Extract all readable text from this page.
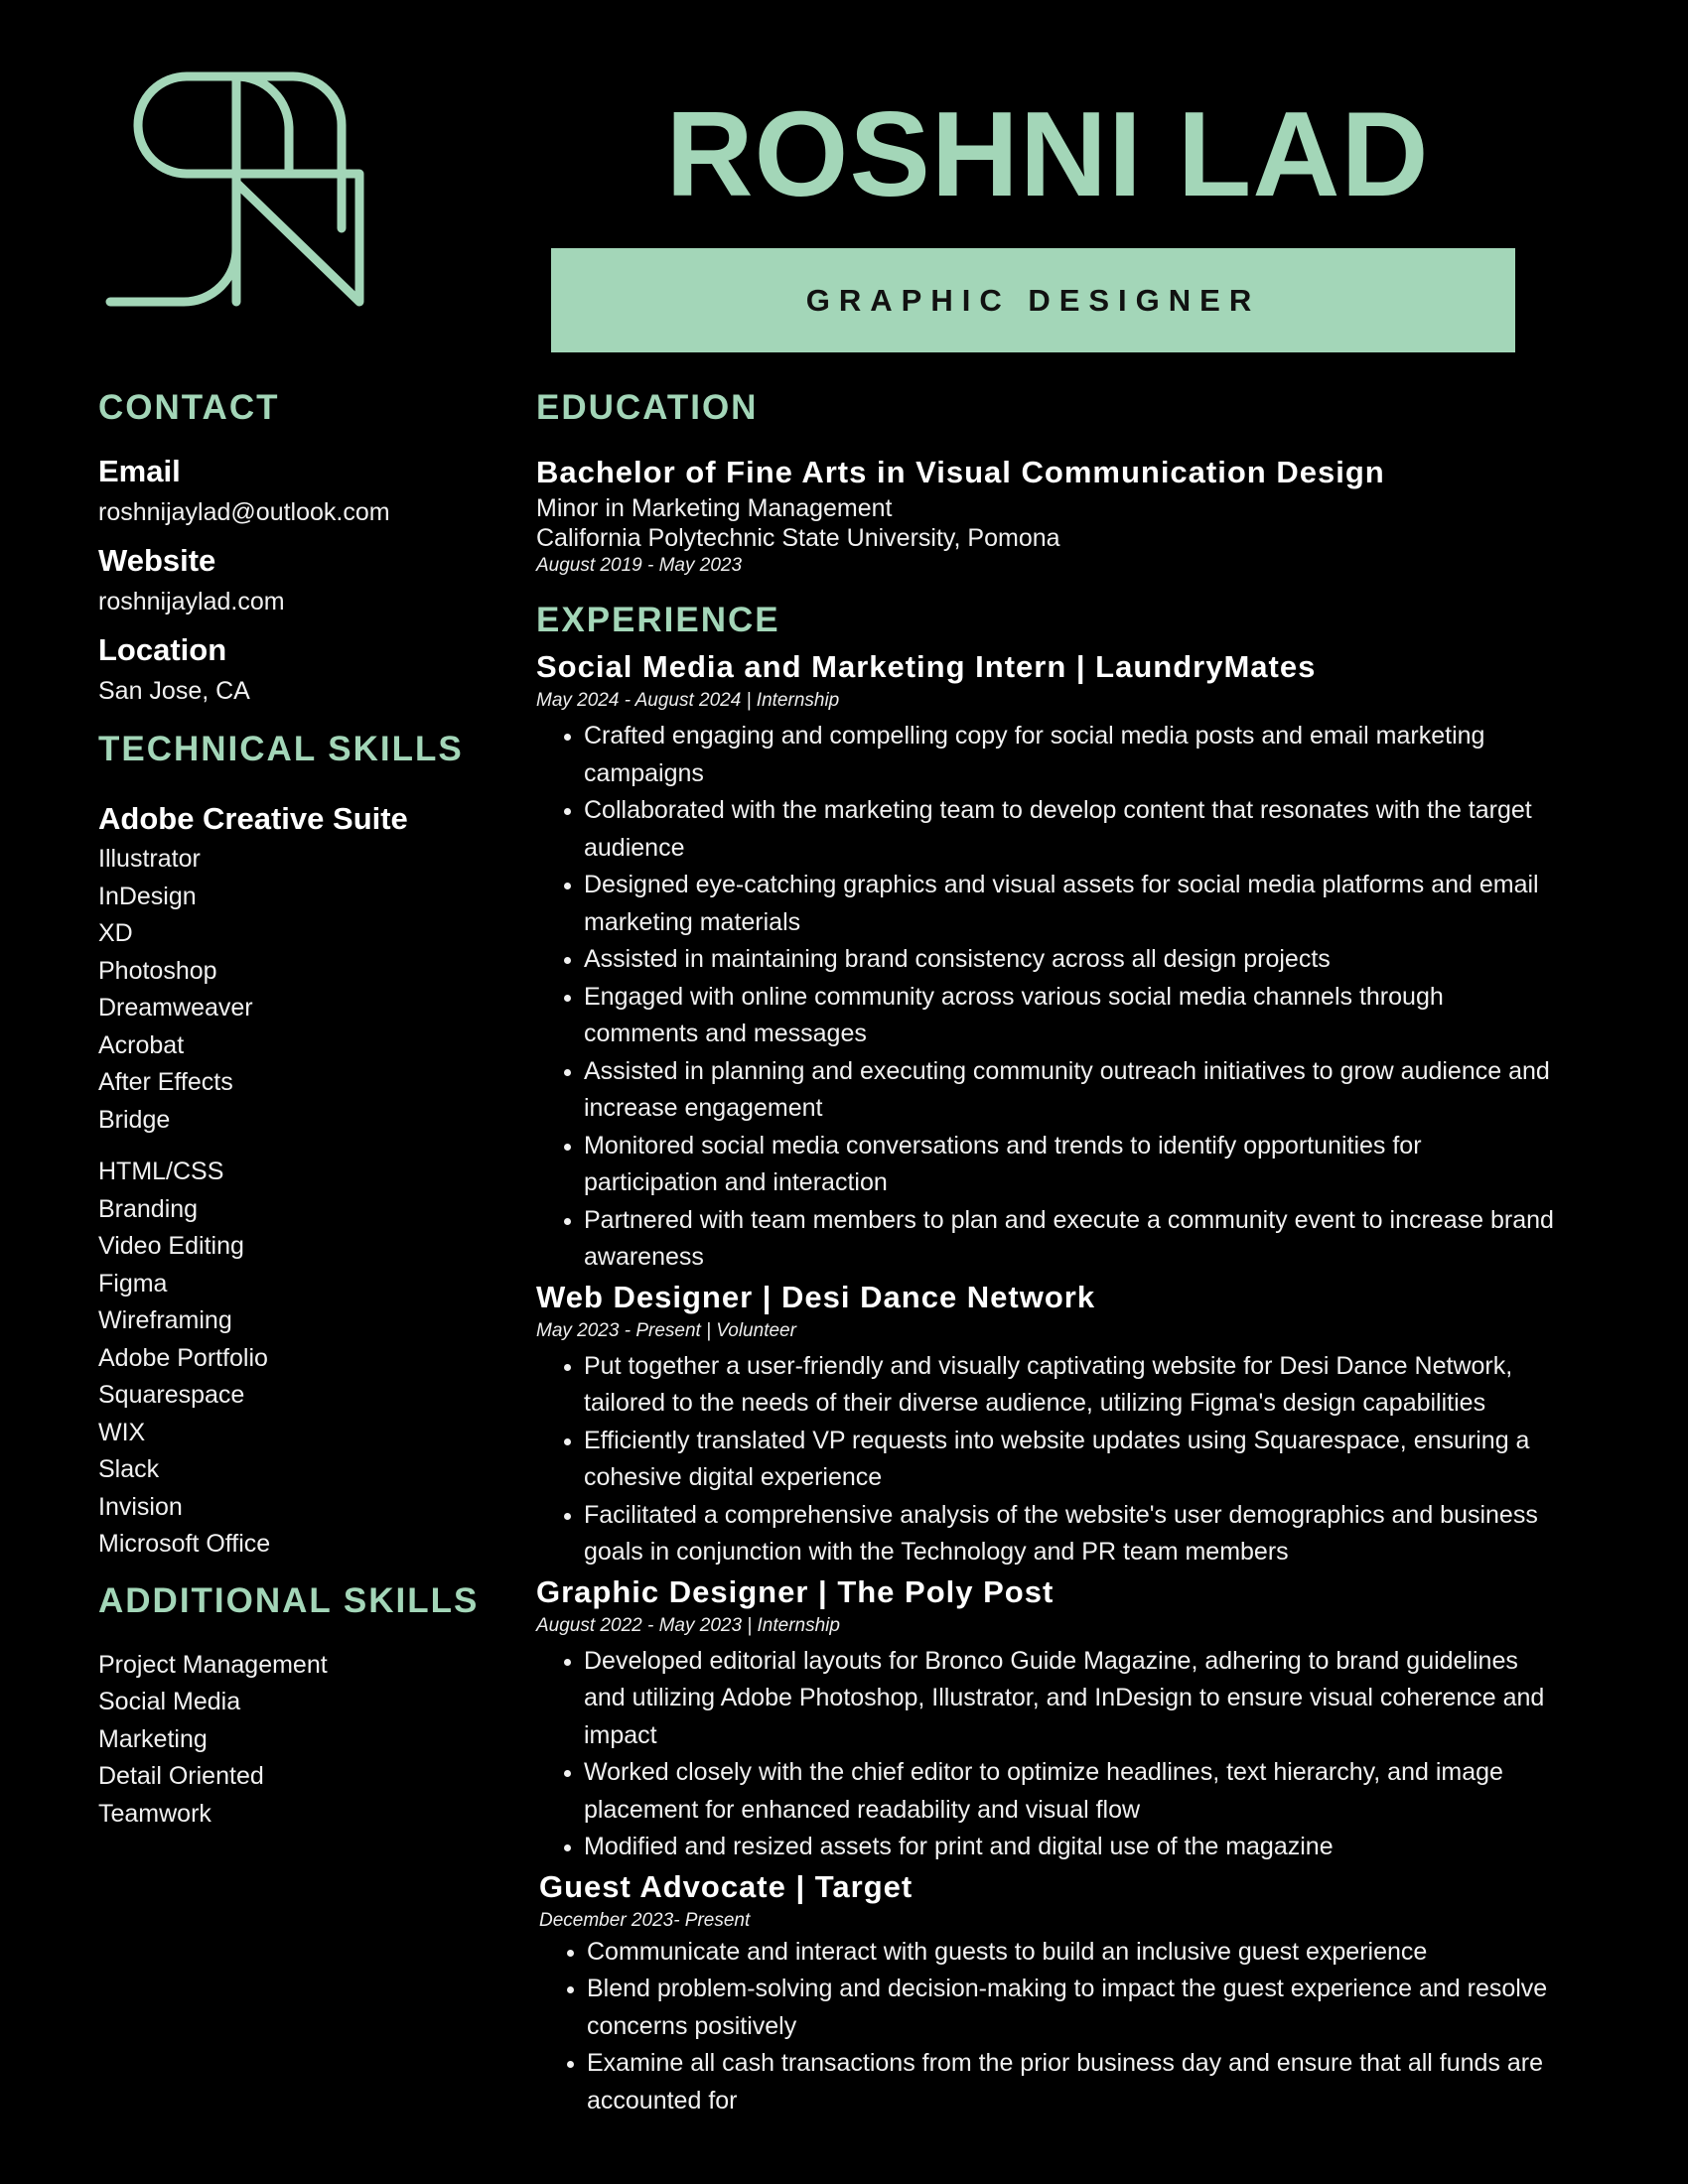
ROSHNI LAD
GRAPHIC DESIGNER
CONTACT

Email

roshnijaylad@outlook.com

Website

roshnijaylad.com

Location

San Jose, CA

TECHNICAL SKILLS

Adobe Creative Suite

Illustrator
InDesign
XD
Photoshop
Dreamweaver
Acrobat
After Effects
Bridge
HTML/CSS
Branding
Video Editing
Figma
Wireframing
Adobe Portfolio
Squarespace
WIX
Slack
Invision
Microsoft Office
ADDITIONAL SKILLS
Project Management
Social Media
Marketing
Detail Oriented
Teamwork
EDUCATION

Bachelor of Fine Arts in Visual Communication Design

Minor in Marketing Management

California Polytechnic State University, Pomona

August 2019 - May 2023

EXPERIENCE

Social Media and Marketing Intern | LaundryMates

May 2024 - August 2024 | Internship

• Crafted engaging and compelling copy for social media posts and email marketing campaigns
• Collaborated with the marketing team to develop content that resonates with the target audience
• Designed eye-catching graphics and visual assets for social media platforms and email marketing materials
• Assisted in maintaining brand consistency across all design projects
• Engaged with online community across various social media channels through comments and messages
• Assisted in planning and executing community outreach initiatives to grow audience and increase engagement
• Monitored social media conversations and trends to identify opportunities for participation and interaction
• Partnered with team members to plan and execute a community event to increase brand awareness

Web Designer | Desi Dance Network

May 2023 - Present | Volunteer

• Put together a user-friendly and visually captivating website for Desi Dance Network, tailored to the needs of their diverse audience, utilizing Figma's design capabilities
• Efficiently translated VP requests into website updates using Squarespace, ensuring a cohesive digital experience
• Facilitated a comprehensive analysis of the website's user demographics and business goals in conjunction with the Technology and PR team members

Graphic Designer | The Poly Post

August 2022 - May 2023 | Internship

• Developed editorial layouts for Bronco Guide Magazine, adhering to brand guidelines and utilizing Adobe Photoshop, Illustrator, and InDesign to ensure visual coherence and impact
• Worked closely with the chief editor to optimize headlines, text hierarchy, and image placement for enhanced readability and visual flow
• Modified and resized assets for print and digital use of the magazine

Guest Advocate | Target

December 2023- Present

• Communicate and interact with guests to build an inclusive guest experience
• Blend problem-solving and decision-making to impact the guest experience and resolve concerns positively
• Examine all cash transactions from the prior business day and ensure that all funds are accounted for
